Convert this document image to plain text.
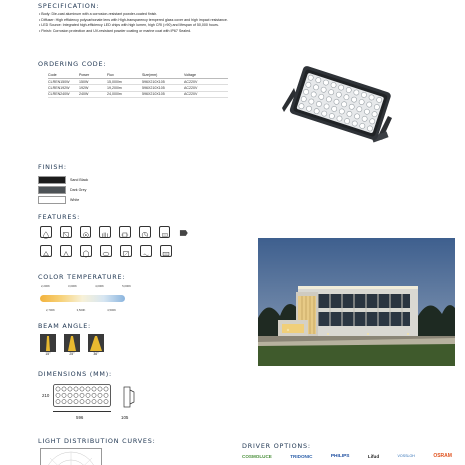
SPECIFICATION:
• Body: Die-cast aluminum with a corrosion-resistant powder-coated finish.
• Diffuser: High efficiency polycarbonate lens with High-transparency tempered glass cover and high impact resistance.
• LED Source: Integrated high-efficiency LED chips with high lumen, high CRI (>90) and lifespan of 50,000 hours.
• Finish: Corrosion protection and UV-resistant powder coating or marine coat with IP67 Sealed.
ORDERING CODE:
Code	Power	Flux	Size(mm)	Voltage
CLREN150W	150W	15,000lm	596X210X105	AC220V
CLREN192W	192W	19,200lm	596X210X105	AC220V
CLREN240W	240W	24,000lm	596X210X105	AC220V
FINISH:
Sand Black
Dark Grey
White
FEATURES:
COLOR TEMPERATURE:
2,200K	3,000K	4,000K	5,000K
2,700K	3,500K	4,500K
BEAM ANGLE:
15°	25°	36°
DIMENSIONS (MM):
210
596	105
LIGHT DISTRIBUTION CURVES:
DRIVER OPTIONS:
COSMOLUCE	TRIDONIC	PHILIPS	Lifud	VOSSLOH	OSRAM
